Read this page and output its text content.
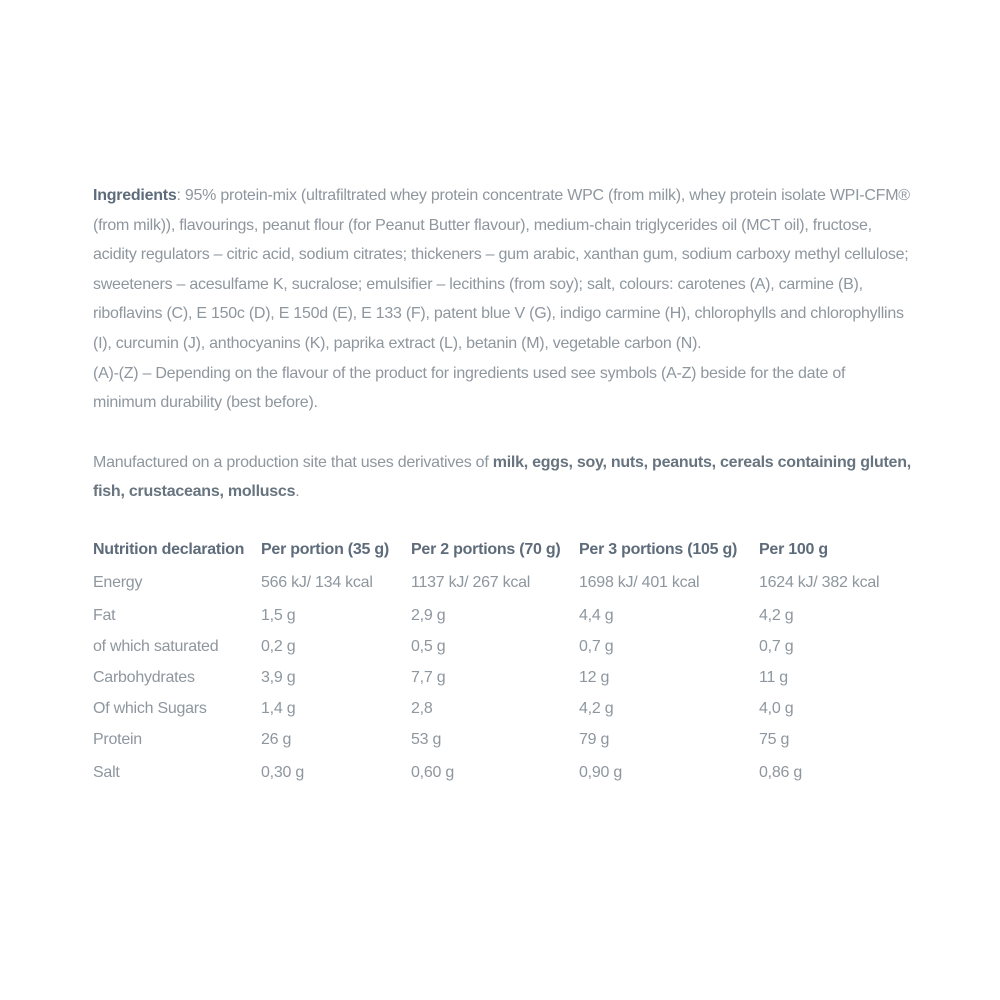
Ingredients: 95% protein-mix (ultrafiltrated whey protein concentrate WPC (from milk), whey protein isolate WPI-CFM® (from milk)), flavourings, peanut flour (for Peanut Butter flavour), medium-chain triglycerides oil (MCT oil), fructose, acidity regulators – citric acid, sodium citrates; thickeners – gum arabic, xanthan gum, sodium carboxy methyl cellulose; sweeteners – acesulfame K, sucralose; emulsifier – lecithins (from soy); salt, colours: carotenes (A), carmine (B), riboflavins (C), E 150c (D), E 150d (E), E 133 (F), patent blue V (G), indigo carmine (H), chlorophylls and chlorophyllins (I), curcumin (J), anthocyanins (K), paprika extract (L), betanin (M), vegetable carbon (N).

(A)-(Z) – Depending on the flavour of the product for ingredients used see symbols (A-Z) beside for the date of minimum durability (best before).

Manufactured on a production site that uses derivatives of milk, eggs, soy, nuts, peanuts, cereals containing gluten, fish, crustaceans, molluscs.

Nutrition declaration	Per portion (35 g)	Per 2 portions (70 g)	Per 3 portions (105 g)	Per 100 g
Energy	566 kJ/ 134 kcal	1137 kJ/ 267 kcal	1698 kJ/ 401 kcal	1624 kJ/ 382 kcal
Fat	1,5 g	2,9 g	4,4 g	4,2 g
of which saturated	0,2 g	0,5 g	0,7 g	0,7 g
Carbohydrates	3,9 g	7,7 g	12 g	11 g
Of which Sugars	1,4 g	2,8	4,2 g	4,0 g
Protein	26 g	53 g	79 g	75 g
Salt	0,30 g	0,60 g	0,90 g	0,86 g
